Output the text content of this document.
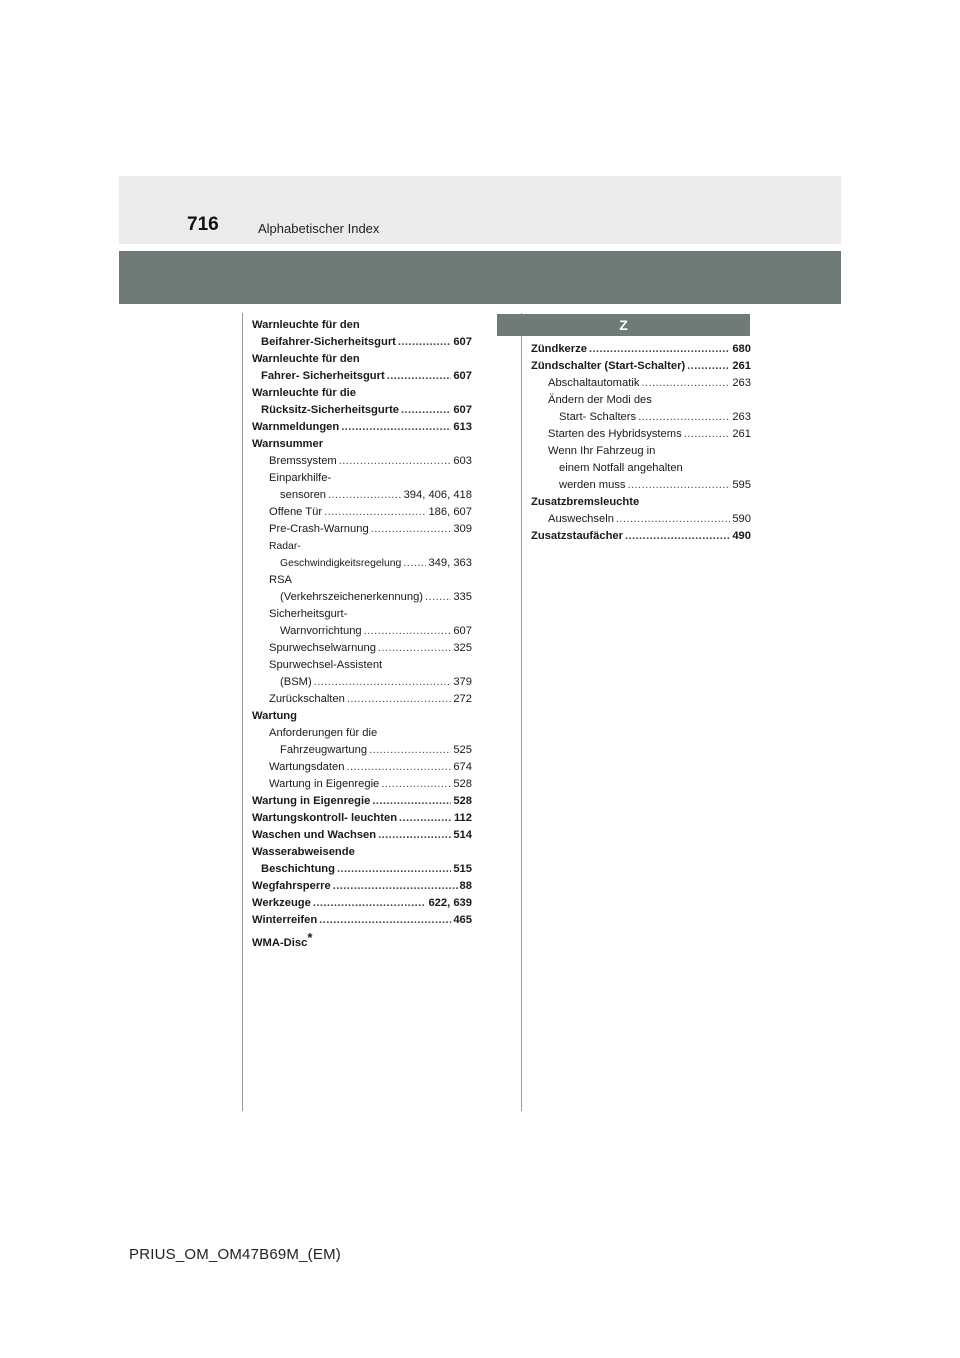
716	Alphabetischer Index
Warnleuchte für den
Beifahrer-Sicherheitsgurt .....	607
Warnleuchte für den
Fahrer- Sicherheitsgurt .....	607
Warnleuchte für die
Rücksitz-Sicherheitsgurte .....	607
Warnmeldungen .....	613
Warnsummer
Bremssystem .....	603
Einparkhilfe-
sensoren .....	394, 406, 418
Offene Tür .....	186, 607
Pre-Crash-Warnung .....	309
Radar-
Geschwindigkeitsregelung ..... 349, 363
RSA
(Verkehrszeichenerkennung) .....	335
Sicherheitsgurt-
Warnvorrichtung .....	607
Spurwechselwarnung .....	325
Spurwechsel-Assistent
(BSM) .....	379
Zurückschalten .....	272
Wartung
Anforderungen für die
Fahrzeugwartung .....	525
Wartungsdaten .....	674
Wartung in Eigenregie .....	528
Wartung in Eigenregie .....	528
Wartungskontroll- leuchten .....	112
Waschen und Wachsen .....	514
Wasserabweisende
Beschichtung .....	515
Wegfahrsperre .....	88
Werkzeuge .....	622, 639
Winterreifen .....	465
WMA-Disc*
Z
Zündkerze .....	680
Zündschalter (Start-Schalter) .....	261
Abschaltautomatik .....	263
Ändern der Modi des
Start- Schalters .....	263
Starten des Hybridsystems .....	261
Wenn Ihr Fahrzeug in
einem Notfall angehalten
werden muss .....	595
Zusatzbremsleuchte
Auswechseln .....	590
Zusatzstaufächer .....	490
PRIUS_OM_OM47B69M_(EM)
